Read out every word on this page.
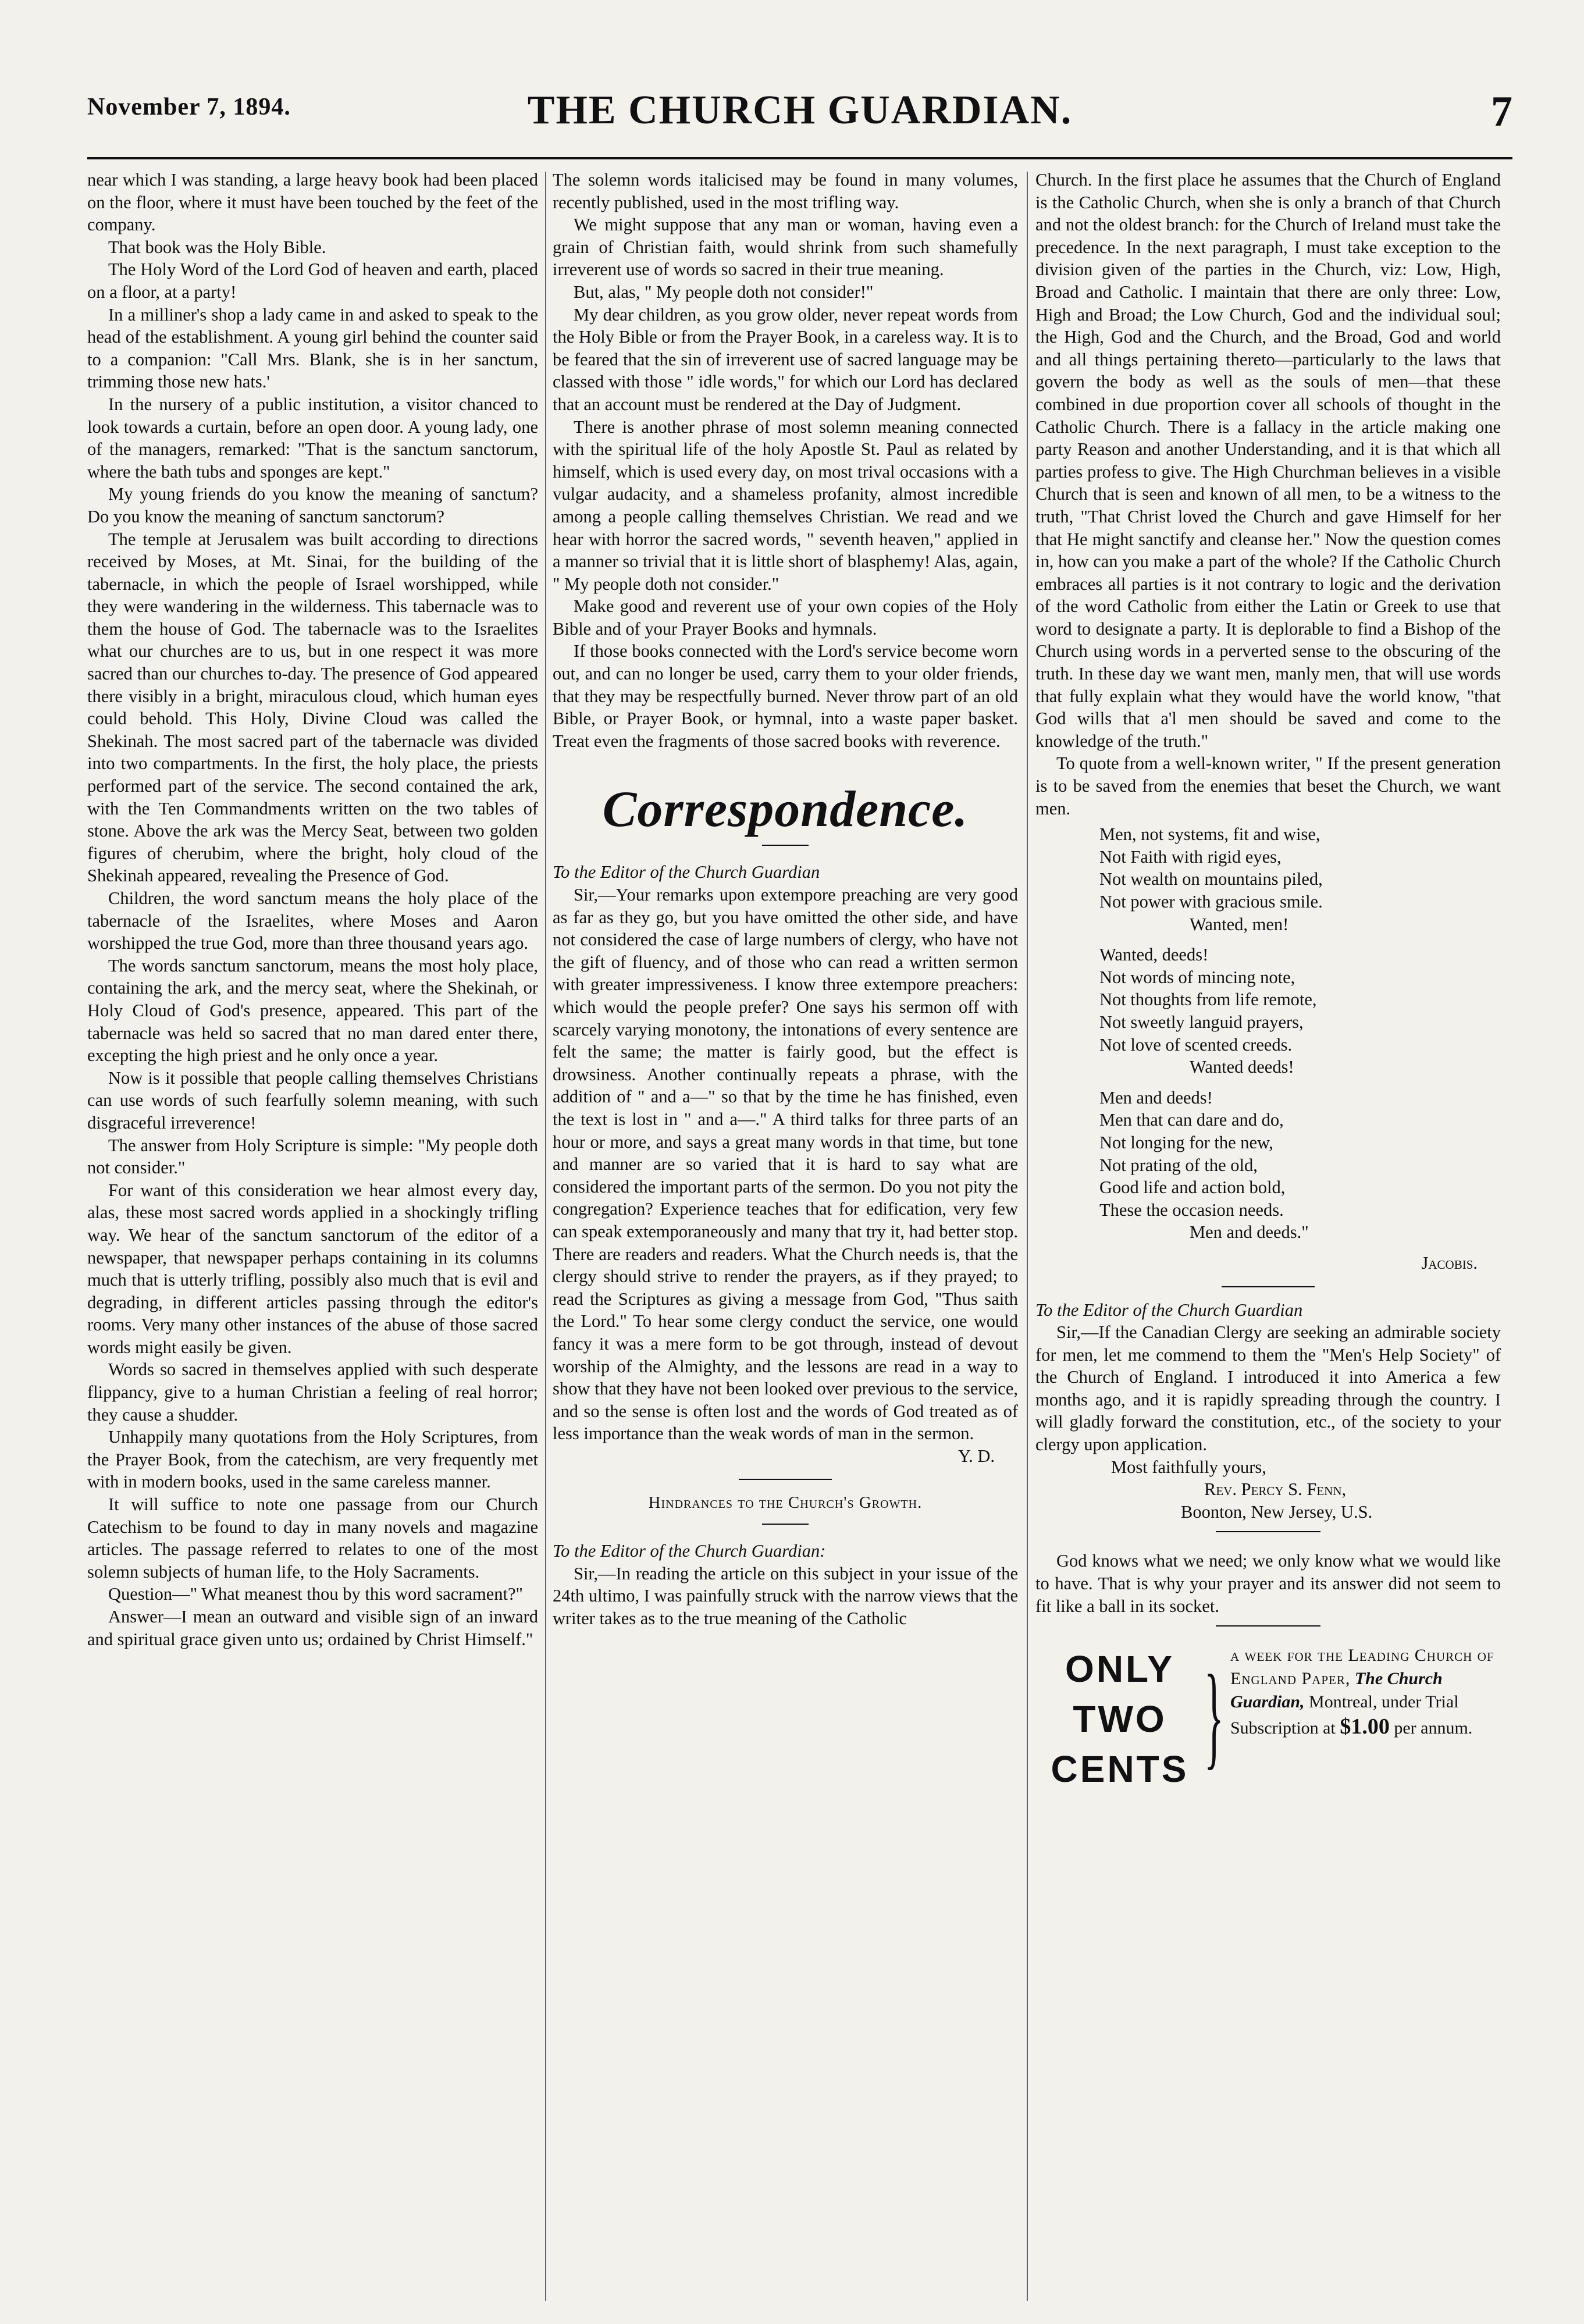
November 7, 1894.	THE CHURCH GUARDIAN.	7

near which I was standing, a large heavy book had been placed on the floor, where it must have been touched by the feet of the company.

That book was the Holy Bible.

The Holy Word of the Lord God of heaven and earth, placed on a floor, at a party!

In a milliner's shop a lady came in and asked to speak to the head of the establishment. A young girl behind the counter said to a companion: "Call Mrs. Blank, she is in her sanctum, trimming those new hats.'

In the nursery of a public institution, a visitor chanced to look towards a curtain, before an open door. A young lady, one of the managers, remarked: "That is the sanctum sanctorum, where the bath tubs and sponges are kept."

My young friends do you know the meaning of sanctum? Do you know the meaning of sanctum sanctorum?

The temple at Jerusalem was built according to directions received by Moses, at Mt. Sinai, for the building of the tabernacle, in which the people of Israel worshipped, while they were wandering in the wilderness. This tabernacle was to them the house of God. The tabernacle was to the Israelites what our churches are to us, but in one respect it was more sacred than our churches to-day. The presence of God appeared there visibly in a bright, miraculous cloud, which human eyes could behold. This Holy, Divine Cloud was called the Shekinah. The most sacred part of the tabernacle was divided into two compartments. In the first, the holy place, the priests performed part of the service. The second contained the ark, with the Ten Commandments written on the two tables of stone. Above the ark was the Mercy Seat, between two golden figures of cherubim, where the bright, holy cloud of the Shekinah appeared, revealing the Presence of God.

Children, the word sanctum means the holy place of the tabernacle of the Israelites, where Moses and Aaron worshipped the true God, more than three thousand years ago.

The words sanctum sanctorum, means the most holy place, containing the ark, and the mercy seat, where the Shekinah, or Holy Cloud of God's presence, appeared. This part of the tabernacle was held so sacred that no man dared enter there, excepting the high priest and he only once a year.

Now is it possible that people calling themselves Christians can use words of such fearfully solemn meaning, with such disgraceful irreverence!

The answer from Holy Scripture is simple: "My people doth not consider."

For want of this consideration we hear almost every day, alas, these most sacred words applied in a shockingly trifling way. We hear of the sanctum sanctorum of the editor of a newspaper, that newspaper perhaps containing in its columns much that is utterly trifling, possibly also much that is evil and degrading, in different articles passing through the editor's rooms. Very many other instances of the abuse of those sacred words might easily be given.

Words so sacred in themselves applied with such desperate flippancy, give to a human Christian a feeling of real horror; they cause a shudder.

Unhappily many quotations from the Holy Scriptures, from the Prayer Book, from the catechism, are very frequently met with in modern books, used in the same careless manner.

It will suffice to note one passage from our Church Catechism to be found to day in many novels and magazine articles. The passage referred to relates to one of the most solemn subjects of human life, to the Holy Sacraments.

Question—" What meanest thou by this word sacrament?"

Answer—I mean an outward and visible sign of an inward and spiritual grace given unto us; ordained by Christ Himself."

The solemn words italicised may be found in many volumes, recently published, used in the most trifling way.

We might suppose that any man or woman, having even a grain of Christian faith, would shrink from such shamefully irreverent use of words so sacred in their true meaning.

But, alas, " My people doth not consider!"

My dear children, as you grow older, never repeat words from the Holy Bible or from the Prayer Book, in a careless way. It is to be feared that the sin of irreverent use of sacred language may be classed with those " idle words," for which our Lord has declared that an account must be rendered at the Day of Judgment.

There is another phrase of most solemn meaning connected with the spiritual life of the holy Apostle St. Paul as related by himself, which is used every day, on most trival occasions with a vulgar audacity, and a shameless profanity, almost incredible among a people calling themselves Christian. We read and we hear with horror the sacred words, " seventh heaven," applied in a manner so trivial that it is little short of blasphemy! Alas, again, " My people doth not consider."

Make good and reverent use of your own copies of the Holy Bible and of your Prayer Books and hymnals.

If those books connected with the Lord's service become worn out, and can no longer be used, carry them to your older friends, that they may be respectfully burned. Never throw part of an old Bible, or Prayer Book, or hymnal, into a waste paper basket. Treat even the fragments of those sacred books with reverence.

Correspondence.

To the Editor of the Church Guardian

Sir,—Your remarks upon extempore preaching are very good as far as they go, but you have omitted the other side, and have not considered the case of large numbers of clergy, who have not the gift of fluency, and of those who can read a written sermon with greater impressiveness. I know three extempore preachers: which would the people prefer? One says his sermon off with scarcely varying monotony, the intonations of every sentence are felt the same; the matter is fairly good, but the effect is drowsiness. Another continually repeats a phrase, with the addition of " and a—" so that by the time he has finished, even the text is lost in " and a—." A third talks for three parts of an hour or more, and says a great many words in that time, but tone and manner are so varied that it is hard to say what are considered the important parts of the sermon. Do you not pity the congregation? Experience teaches that for edification, very few can speak extemporaneously and many that try it, had better stop. There are readers and readers. What the Church needs is, that the clergy should strive to render the prayers, as if they prayed; to read the Scriptures as giving a message from God, "Thus saith the Lord." To hear some clergy conduct the service, one would fancy it was a mere form to be got through, instead of devout worship of the Almighty, and the lessons are read in a way to show that they have not been looked over previous to the service, and so the sense is often lost and the words of God treated as of less importance than the weak words of man in the sermon.

Y. D.

Hindrances to the Church's Growth.

To the Editor of the Church Guardian:

Sir,—In reading the article on this subject in your issue of the 24th ultimo, I was painfully struck with the narrow views that the writer takes as to the true meaning of the Catholic

Church. In the first place he assumes that the Church of England is the Catholic Church, when she is only a branch of that Church and not the oldest branch: for the Church of Ireland must take the precedence. In the next paragraph, I must take exception to the division given of the parties in the Church, viz: Low, High, Broad and Catholic. I maintain that there are only three: Low, High and Broad; the Low Church, God and the individual soul; the High, God and the Church, and the Broad, God and world and all things pertaining thereto—particularly to the laws that govern the body as well as the souls of men—that these combined in due proportion cover all schools of thought in the Catholic Church. There is a fallacy in the article making one party Reason and another Understanding, and it is that which all parties profess to give. The High Churchman believes in a visible Church that is seen and known of all men, to be a witness to the truth, "That Christ loved the Church and gave Himself for her that He might sanctify and cleanse her." Now the question comes in, how can you make a part of the whole? If the Catholic Church embraces all parties is it not contrary to logic and the derivation of the word Catholic from either the Latin or Greek to use that word to designate a party. It is deplorable to find a Bishop of the Church using words in a perverted sense to the obscuring of the truth. In these day we want men, manly men, that will use words that fully explain what they would have the world know, "that God wills that a'l men should be saved and come to the knowledge of the truth."

To quote from a well-known writer, " If the present generation is to be saved from the enemies that beset the Church, we want men.

Men, not systems, fit and wise,
Not Faith with rigid eyes,
Not wealth on mountains piled,
Not power with gracious smile.
Wanted, men!
Wanted, deeds!
Not words of mincing note,
Not thoughts from life remote,
Not sweetly languid prayers,
Not love of scented creeds.
Wanted deeds!
Men and deeds!
Men that can dare and do,
Not longing for the new,
Not prating of the old,
Good life and action bold,
These the occasion needs.
Men and deeds."

Jacobis.

To the Editor of the Church Guardian

Sir,—If the Canadian Clergy are seeking an admirable society for men, let me commend to them the "Men's Help Society" of the Church of England. I introduced it into America a few months ago, and it is rapidly spreading through the country. I will gladly forward the constitution, etc., of the society to your clergy upon application.

Most faithfully yours,

Rev. Percy S. Fenn,

Boonton, New Jersey, U.S.

God knows what we need; we only know what we would like to have. That is why your prayer and its answer did not seem to fit like a ball in its socket.

ONLY
TWO
CENTS } a week for the Leading Church of England Paper, The Church Guardian, Montreal, under Trial Subscription at $1.00 per annum.
